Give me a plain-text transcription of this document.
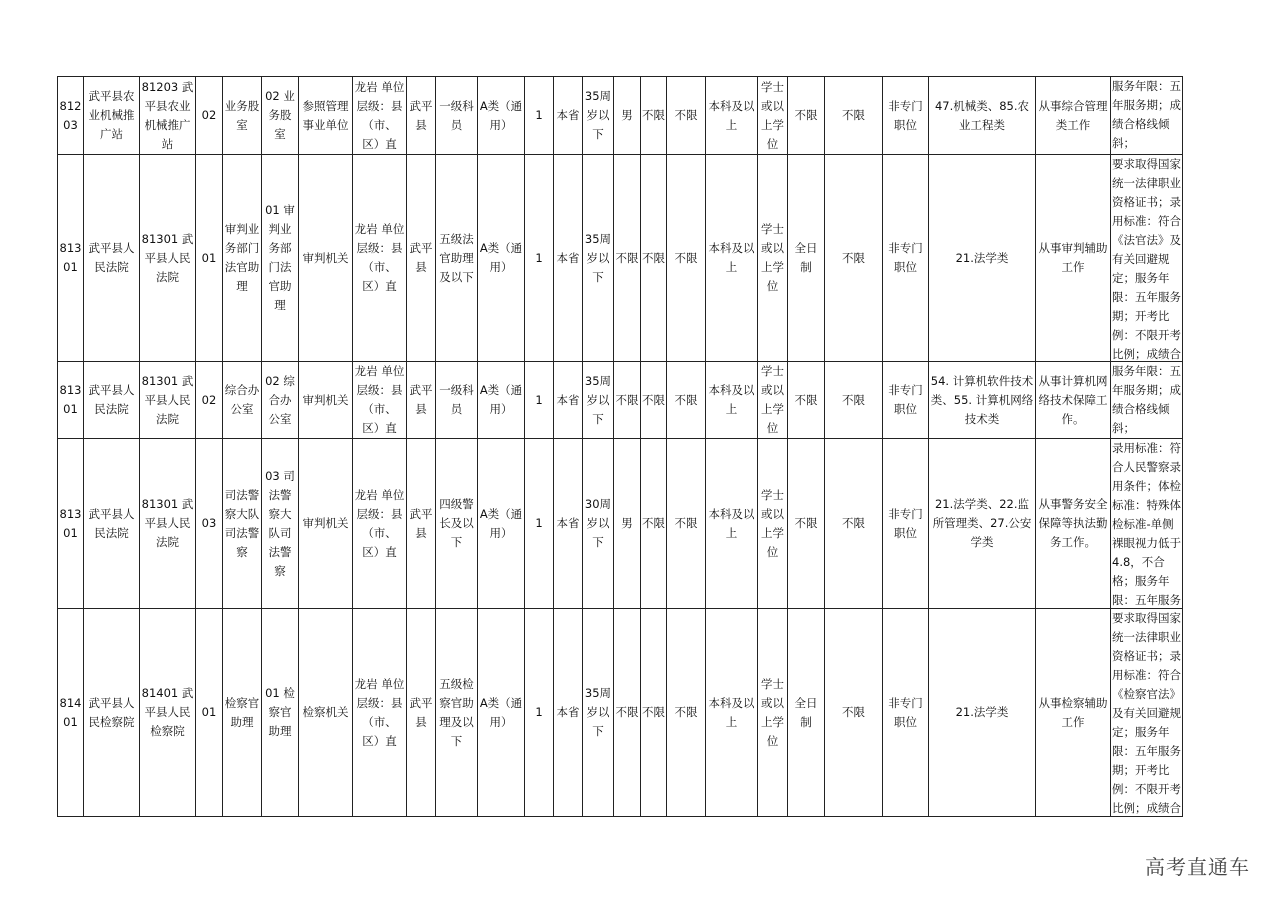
81203	武平县农业机械推广站	81203 武平县农业机械推广站	02	业务股室	02 业务股室	参照管理事业单位	龙岩 单位层级：县（市、区）直	武平县	一级科员	A类（通用）	1	本省	35周岁以下	男	不限	不限	本科及以上	学士或以上学位	不限	不限	非专门职位	47.机械类、85.农业工程类	从事综合管理类工作	服务年限：五年服务期；成绩合格线倾斜；

81301	武平县人民法院	81301 武平县人民法院	01	审判业务部门法官助理	01 审判业务部门法官助理	审判机关	龙岩 单位层级：县（市、区）直	武平县	五级法官助理及以下	A类（通用）	1	本省	35周岁以下	不限	不限	不限	本科及以上	学士或以上学位	全日制	不限	非专门职位	21.法学类	从事审判辅助工作	要求取得国家统一法律职业资格证书；录用标准：符合《法官法》及有关回避规定；服务年限：五年服务期；开考比例：不限开考比例；成绩合

81301	武平县人民法院	81301 武平县人民法院	02	综合办公室	02 综合办公室	审判机关	龙岩 单位层级：县（市、区）直	武平县	一级科员	A类（通用）	1	本省	35周岁以下	不限	不限	不限	本科及以上	学士或以上学位	不限	不限	非专门职位	54. 计算机软件技术类、55. 计算机网络技术类	从事计算机网络技术保障工作。	服务年限：五年服务期；成绩合格线倾斜；

81301	武平县人民法院	81301 武平县人民法院	03	司法警察大队司法警察	03 司法警察大队司法警察	审判机关	龙岩 单位层级：县（市、区）直	武平县	四级警长及以下	A类（通用）	1	本省	30周岁以下	男	不限	不限	本科及以上	学士或以上学位	不限	不限	非专门职位	21.法学类、22.监所管理类、27.公安学类	从事警务安全保障等执法勤务工作。	录用标准：符合人民警察录用条件；体检标准：特殊体检标准-单侧裸眼视力低于4.8，不合格；服务年限：五年服务

81401	武平县人民检察院	81401 武平县人民检察院	01	检察官助理	01 检察官助理	检察机关	龙岩 单位层级：县（市、区）直	武平县	五级检察官助理及以下	A类（通用）	1	本省	35周岁以下	不限	不限	不限	本科及以上	学士或以上学位	全日制	不限	非专门职位	21.法学类	从事检察辅助工作	要求取得国家统一法律职业资格证书；录用标准：符合《检察官法》及有关回避规定；服务年限：五年服务期；开考比例：不限开考比例；成绩合
高考直通车
